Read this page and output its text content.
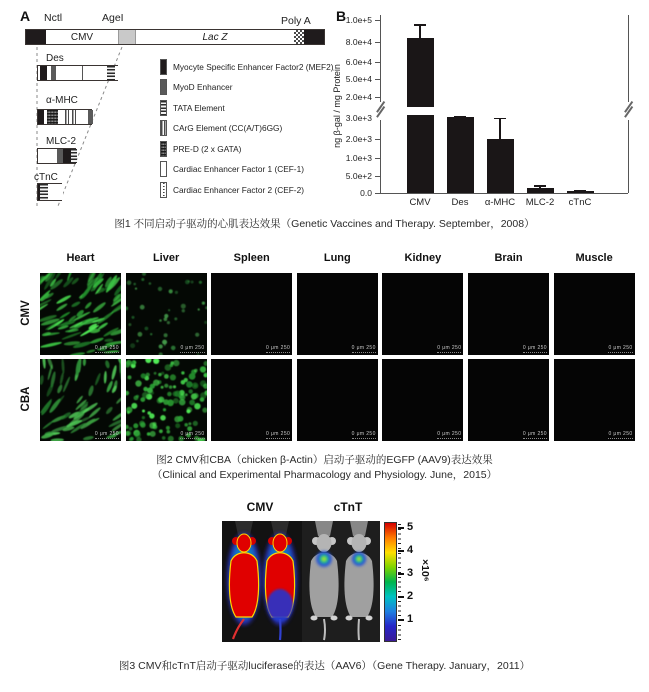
A Nctl	AgeI	Poly A
CMV	Lac Z
Des
α-MHC
MLC-2
cTnC
Myocyte Specific Enhancer Factor2 (MEF2)
MyoD Enhancer
TATA Element
CArG Element (CC(A/T)6GG)
PRE-D (2 x GATA)
Cardiac Enhancer Factor 1 (CEF-1)
Cardiac Enhancer Factor 2 (CEF-2)
B
ng β-gal / mg Protein
0.0
5.0e+2
1.0e+3
2.0e+3
3.0e+3
2.0e+4
5.0e+4
6.0e+4
8.0e+4
1.0e+5
CMV	Des	α-MHC	MLC-2	cTnC
图1 不同启动子驱动的心肌表达效果（Genetic Vaccines and Therapy. September，2008）
Heart	Liver	Spleen	Lung	Kidney	Brain	Muscle
CMV
CBA
0 μm 250	0 μm 250	0 μm 250	0 μm 250	0 μm 250	0 μm 250	0 μm 250
0 μm 250	0 μm 250	0 μm 250	0 μm 250	0 μm 250	0 μm 250	0 μm 250
图2 CMV和CBA（chicken β-Actin）启动子驱动的EGFP (AAV9)表达效果
（Clinical and Experimental Pharmacology and Physiology. June，2015）
CMV	cTnT
5
4
3
2
1
×10⁶
图3 CMV和cTnT启动子驱动luciferase的表达（AAV6）（Gene Therapy. January，2011）
